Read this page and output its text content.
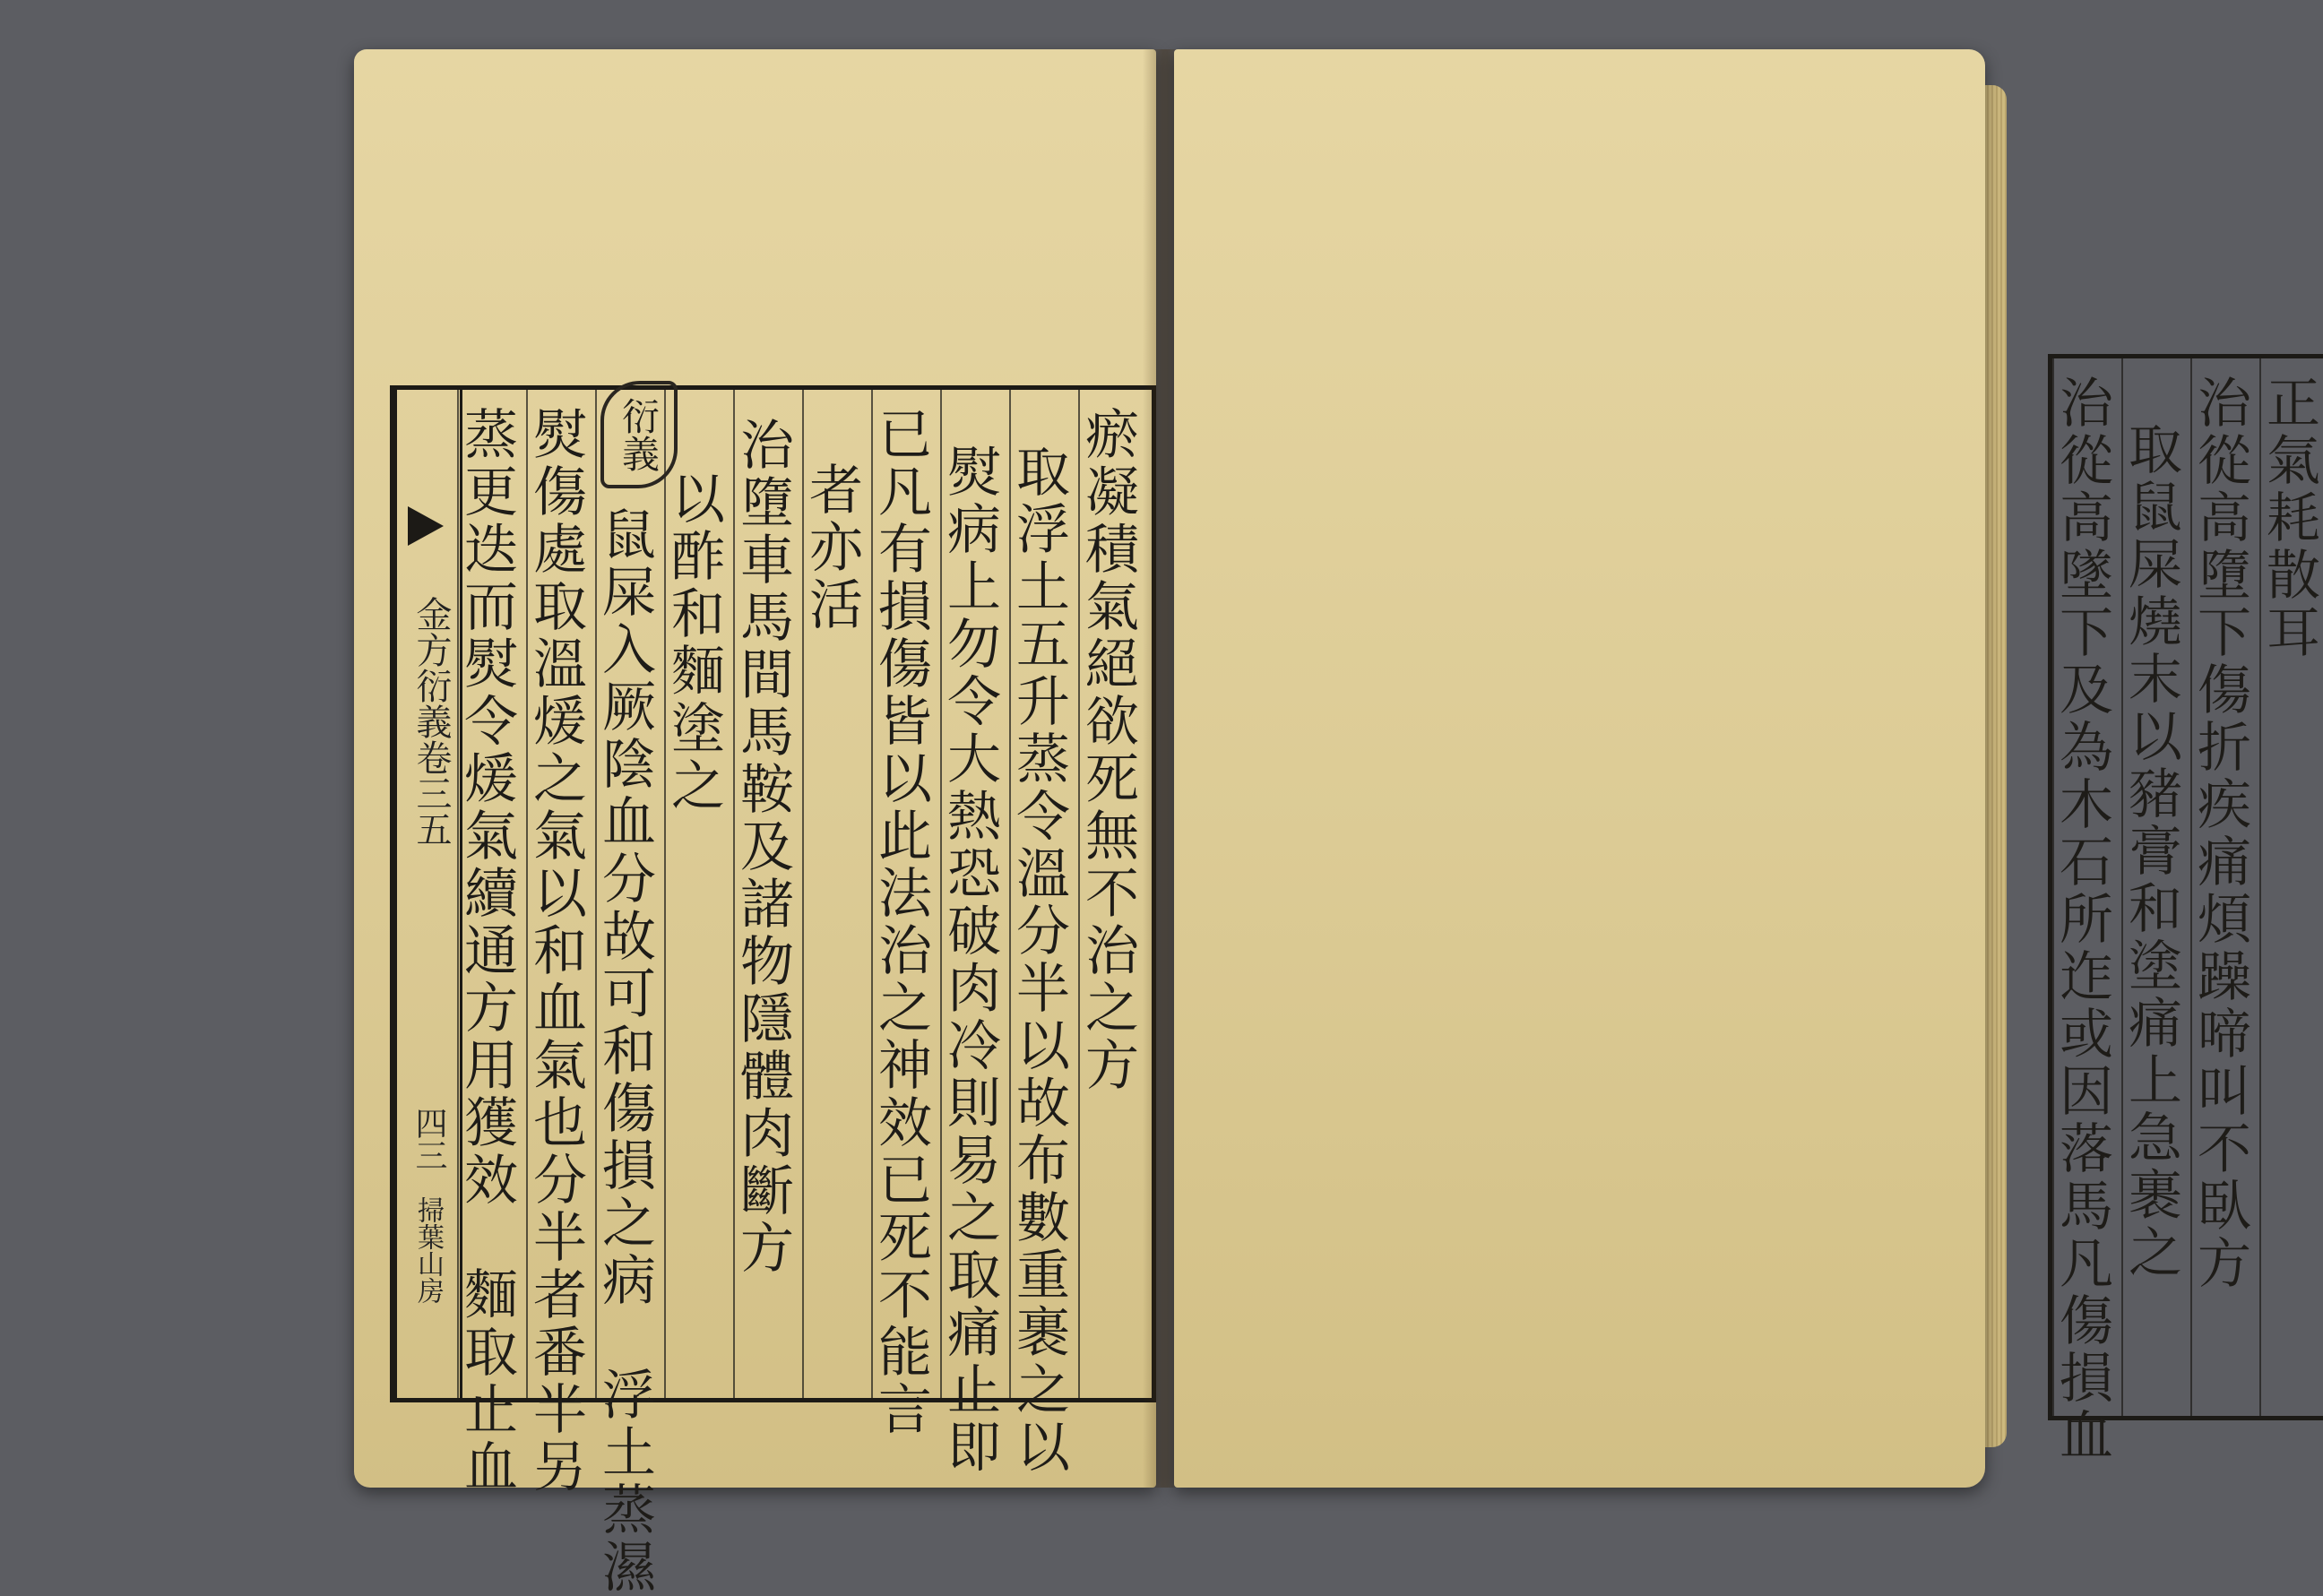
金方衍義卷三五
四三
掃葉山房 蒸更迭而熨令煖氣續通方用獲效　麵取止血 熨傷處取溫煖之氣以和血氣也分半者番半另 鼠屎入厥陰血分故可和傷損之病　浮土蒸濕 以酢和麵塗之 治墮車馬間馬鞍及諸物隱體肉斷方 者亦活 已凡有損傷皆以此法治之神效已死不能言 熨病上勿令大熱恐破肉冷則易之取痛止即 取浮土五升蒸令溫分半以故布數重裹之以 瘀凝積氣絕欲死無不治之方
衍義	治從高墜下及為木石所迮或因落馬凡傷損血 取鼠屎燒末以豬膏和塗痛上急裹之 治從高墮下傷折疾痛煩躁啼叫不臥方 正氣耗散耳
